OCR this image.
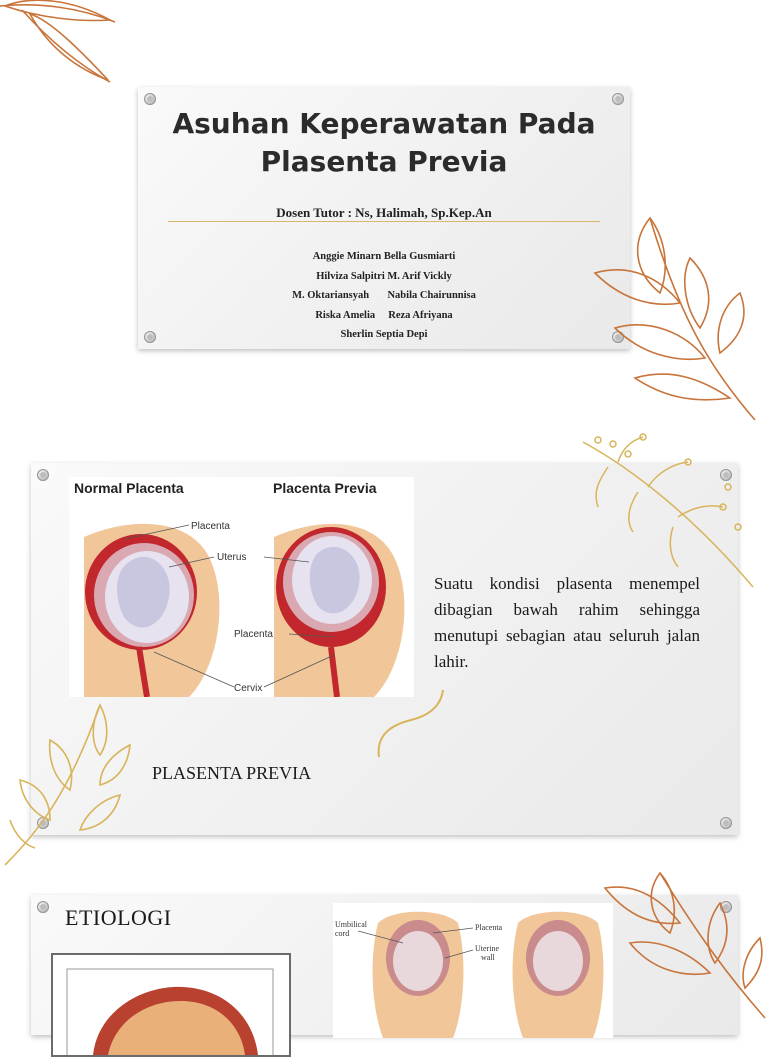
Asuhan Keperawatan Pada
Plasenta Previa
Dosen Tutor : Ns, Halimah, Sp.Kep.An
Anggie Minarn Bella Gusmiarti
Hilviza Salpitri M. Arif Vickly
M. Oktariansyah       Nabila Chairunnisa
Riska Amelia     Reza Afriyana
Sherlin Septia Depi
Normal Placenta	Placenta Previa
Placenta
Uterus
Placenta
Cervix
Suatu kondisi plasenta menempel dibagian bawah rahim sehingga menutupi sebagian atau seluruh jalan lahir.
PLASENTA PREVIA
ETIOLOGI	Umbilical
cord
Placenta
Uterine
wall
